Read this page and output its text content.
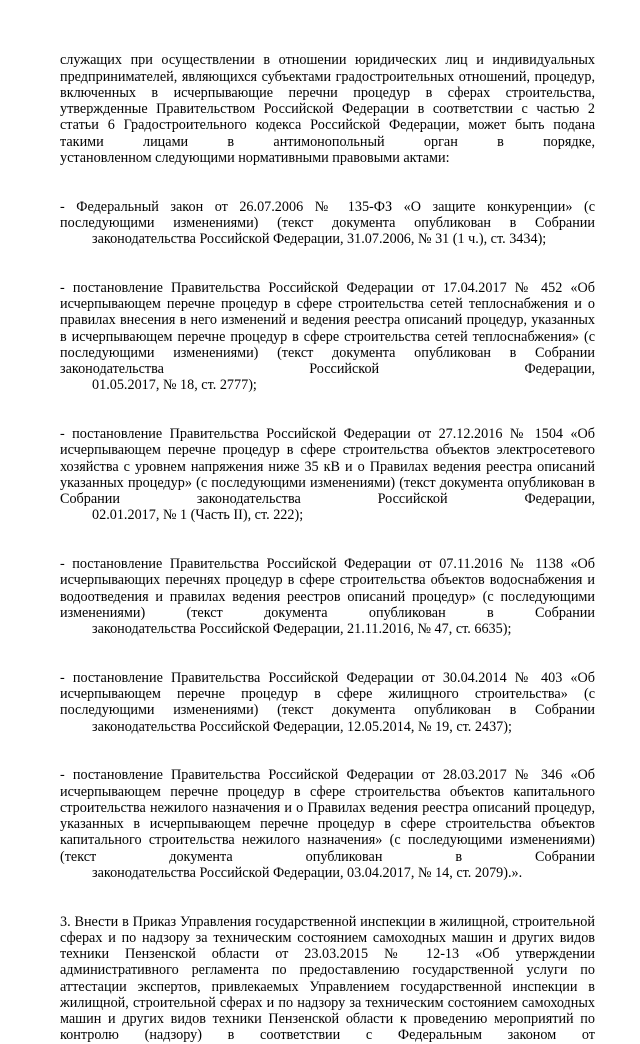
служащих при осуществлении в отношении юридических лиц и индивидуальных предпринимателей, являющихся субъектами градостроительных отношений, процедур, включенных в исчерпывающие перечни процедур в сферах строительства, утвержденные Правительством Российской Федерации в соответствии с частью 2 статьи 6 Градостроительного кодекса Российской Федерации, может быть подана такими лицами в антимонопольный орган в порядке,

установленном следующими нормативными правовыми актами:

- Федеральный закон от 26.07.2006 № 135-ФЗ «О защите конкуренции» (с последующими изменениями) (текст документа опубликован в Собрании

законодательства Российской Федерации, 31.07.2006, № 31 (1 ч.), ст. 3434);

- постановление Правительства Российской Федерации от 17.04.2017 № 452 «Об исчерпывающем перечне процедур в сфере строительства сетей теплоснабжения и о правилах внесения в него изменений и ведения реестра описаний процедур, указанных в исчерпывающем перечне процедур в сфере строительства сетей теплоснабжения» (с последующими изменениями) (текст документа опубликован в Собрании законодательства Российской Федерации,

01.05.2017, № 18, ст. 2777);

- постановление Правительства Российской Федерации от 27.12.2016 № 1504 «Об исчерпывающем перечне процедур в сфере строительства объектов электросетевого хозяйства с уровнем напряжения ниже 35 кВ и о Правилах ведения реестра описаний указанных процедур» (с последующими изменениями) (текст документа опубликован в Собрании законодательства Российской Федерации,

02.01.2017, № 1 (Часть II), ст. 222);

- постановление Правительства Российской Федерации от 07.11.2016 № 1138 «Об исчерпывающих перечнях процедур в сфере строительства объектов водоснабжения и водоотведения и правилах ведения реестров описаний процедур» (с последующими изменениями) (текст документа опубликован в Собрании

законодательства Российской Федерации, 21.11.2016, № 47, ст. 6635);

- постановление Правительства Российской Федерации от 30.04.2014 № 403 «Об исчерпывающем перечне процедур в сфере жилищного строительства» (с последующими изменениями) (текст документа опубликован в Собрании

законодательства Российской Федерации, 12.05.2014, № 19, ст. 2437);

- постановление Правительства Российской Федерации от 28.03.2017 № 346 «Об исчерпывающем перечне процедур в сфере строительства объектов капитального строительства нежилого назначения и о Правилах ведения реестра описаний процедур, указанных в исчерпывающем перечне процедур в сфере строительства объектов капитального строительства нежилого назначения» (с последующими изменениями) (текст документа опубликован в Собрании

законодательства Российской Федерации, 03.04.2017, № 14, ст. 2079).».

3. Внести в Приказ Управления государственной инспекции в жилищной, строительной сферах и по надзору за техническим состоянием самоходных машин и других видов техники Пензенской области от 23.03.2015 № 12-13 «Об утверждении административного регламента по предоставлению государственной услуги по аттестации экспертов, привлекаемых Управлением государственной инспекции в жилищной, строительной сферах и по надзору за техническим состоянием самоходных машин и других видов техники Пензенской области к проведению мероприятий по контролю (надзору) в соответствии с Федеральным законом от
